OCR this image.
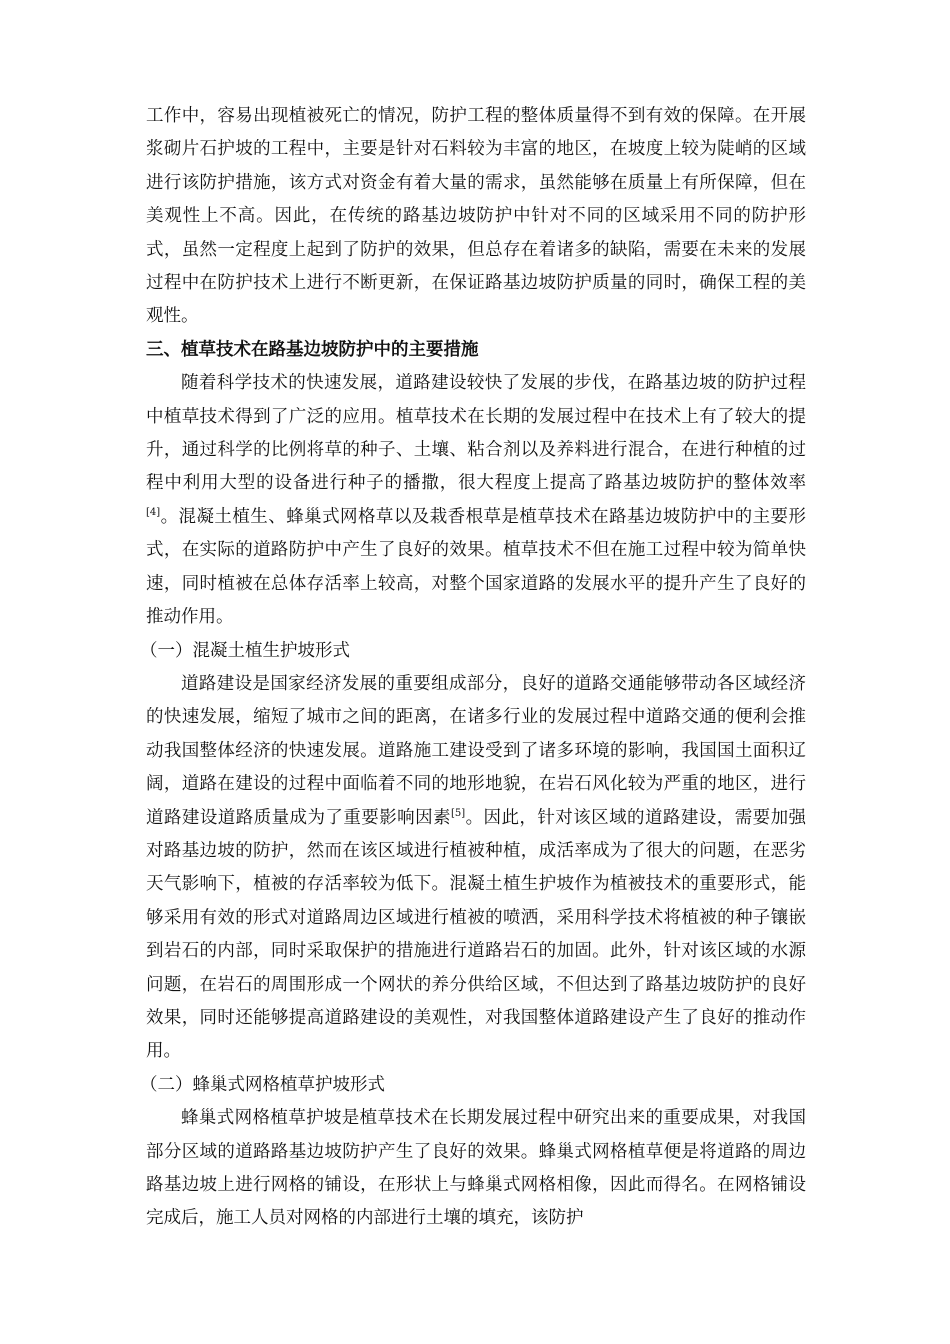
工作中，容易出现植被死亡的情况，防护工程的整体质量得不到有效的保障。在开展浆砌片石护坡的工程中，主要是针对石料较为丰富的地区，在坡度上较为陡峭的区域进行该防护措施，该方式对资金有着大量的需求，虽然能够在质量上有所保障，但在美观性上不高。因此，在传统的路基边坡防护中针对不同的区域采用不同的防护形式，虽然一定程度上起到了防护的效果，但总存在着诸多的缺陷，需要在未来的发展过程中在防护技术上进行不断更新，在保证路基边坡防护质量的同时，确保工程的美观性。

三、植草技术在路基边坡防护中的主要措施

随着科学技术的快速发展，道路建设较快了发展的步伐，在路基边坡的防护过程中植草技术得到了广泛的应用。植草技术在长期的发展过程中在技术上有了较大的提升，通过科学的比例将草的种子、土壤、粘合剂以及养料进行混合，在进行种植的过程中利用大型的设备进行种子的播撒，很大程度上提高了路基边坡防护的整体效率[4]。混凝土植生、蜂巢式网格草以及栽香根草是植草技术在路基边坡防护中的主要形式，在实际的道路防护中产生了良好的效果。植草技术不但在施工过程中较为简单快速，同时植被在总体存活率上较高，对整个国家道路的发展水平的提升产生了良好的推动作用。

（一）混凝土植生护坡形式

道路建设是国家经济发展的重要组成部分，良好的道路交通能够带动各区域经济的快速发展，缩短了城市之间的距离，在诸多行业的发展过程中道路交通的便利会推动我国整体经济的快速发展。道路施工建设受到了诸多环境的影响，我国国土面积辽阔，道路在建设的过程中面临着不同的地形地貌，在岩石风化较为严重的地区，进行道路建设道路质量成为了重要影响因素[5]。因此，针对该区域的道路建设，需要加强对路基边坡的防护，然而在该区域进行植被种植，成活率成为了很大的问题，在恶劣天气影响下，植被的存活率较为低下。混凝土植生护坡作为植被技术的重要形式，能够采用有效的形式对道路周边区域进行植被的喷洒，采用科学技术将植被的种子镶嵌到岩石的内部，同时采取保护的措施进行道路岩石的加固。此外，针对该区域的水源问题，在岩石的周围形成一个网状的养分供给区域，不但达到了路基边坡防护的良好效果，同时还能够提高道路建设的美观性，对我国整体道路建设产生了良好的推动作用。

（二）蜂巢式网格植草护坡形式

蜂巢式网格植草护坡是植草技术在长期发展过程中研究出来的重要成果，对我国部分区域的道路路基边坡防护产生了良好的效果。蜂巢式网格植草便是将道路的周边路基边坡上进行网格的铺设，在形状上与蜂巢式网格相像，因此而得名。在网格铺设完成后，施工人员对网格的内部进行土壤的填充，该防护
